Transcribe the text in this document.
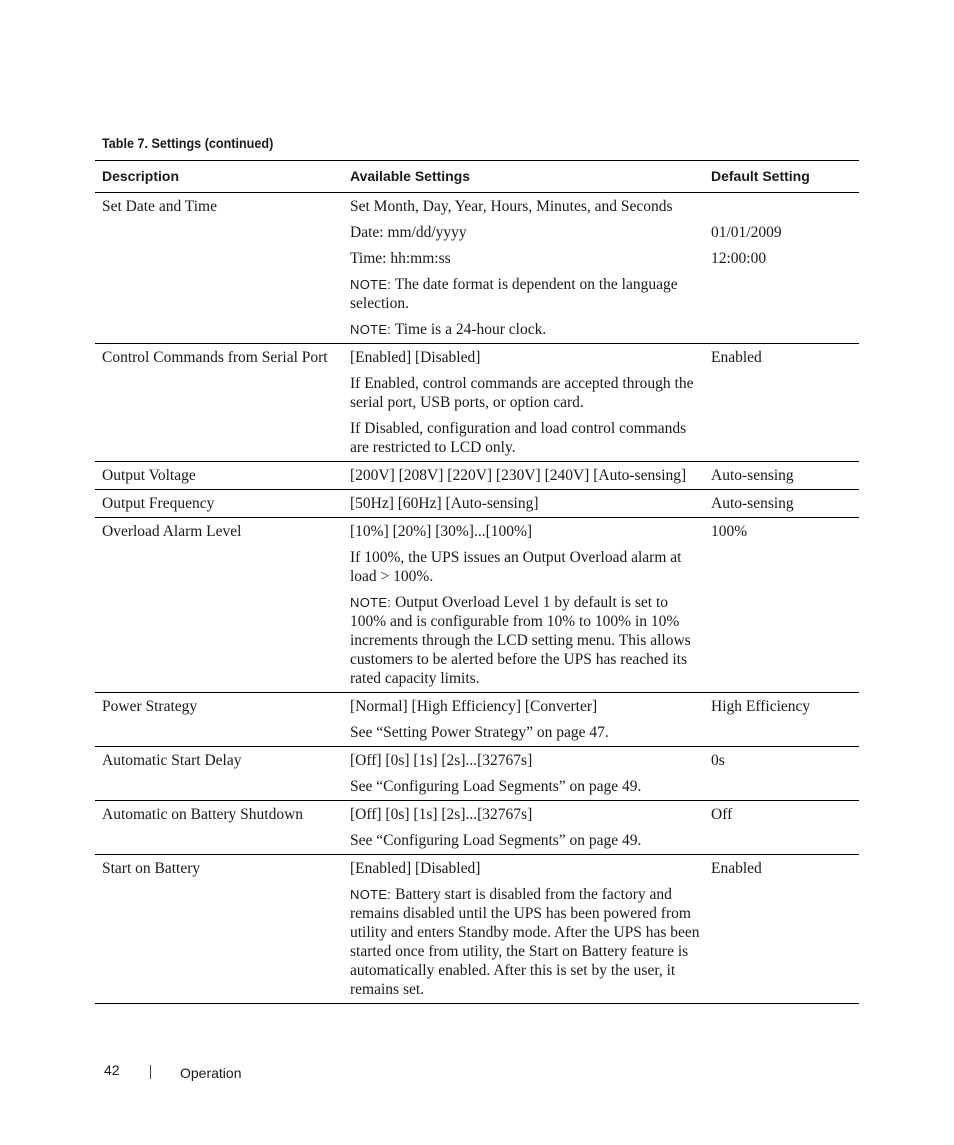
Table 7. Settings (continued)
Description	Available Settings	Default Setting
Set Date and Time	Set Month, Day, Year, Hours, Minutes, and Seconds	
	Date: mm/dd/yyyy	01/01/2009
	Time: hh:mm:ss	12:00:00
	NOTE: The date format is dependent on the language selection.	
	NOTE: Time is a 24-hour clock.	
Control Commands from Serial Port	[Enabled] [Disabled]	Enabled
	If Enabled, control commands are accepted through the serial port, USB ports, or option card.	
	If Disabled, configuration and load control commands are restricted to LCD only.	
Output Voltage	[200V] [208V] [220V] [230V] [240V] [Auto-sensing]	Auto-sensing
Output Frequency	[50Hz] [60Hz] [Auto-sensing]	Auto-sensing
Overload Alarm Level	[10%] [20%] [30%]...[100%]	100%
	If 100%, the UPS issues an Output Overload alarm at load > 100%.	
	NOTE: Output Overload Level 1 by default is set to 100% and is configurable from 10% to 100% in 10% increments through the LCD setting menu. This allows customers to be alerted before the UPS has reached its rated capacity limits.	
Power Strategy	[Normal] [High Efficiency] [Converter]	High Efficiency
	See “Setting Power Strategy” on page 47.	
Automatic Start Delay	[Off] [0s] [1s] [2s]...[32767s]	0s
	See “Configuring Load Segments” on page 49.	
Automatic on Battery Shutdown	[Off] [0s] [1s] [2s]...[32767s]	Off
	See “Configuring Load Segments” on page 49.	
Start on Battery	[Enabled] [Disabled]	Enabled
	NOTE: Battery start is disabled from the factory and remains disabled until the UPS has been powered from utility and enters Standby mode. After the UPS has been started once from utility, the Start on Battery feature is automatically enabled. After this is set by the user, it remains set.	
42	Operation
